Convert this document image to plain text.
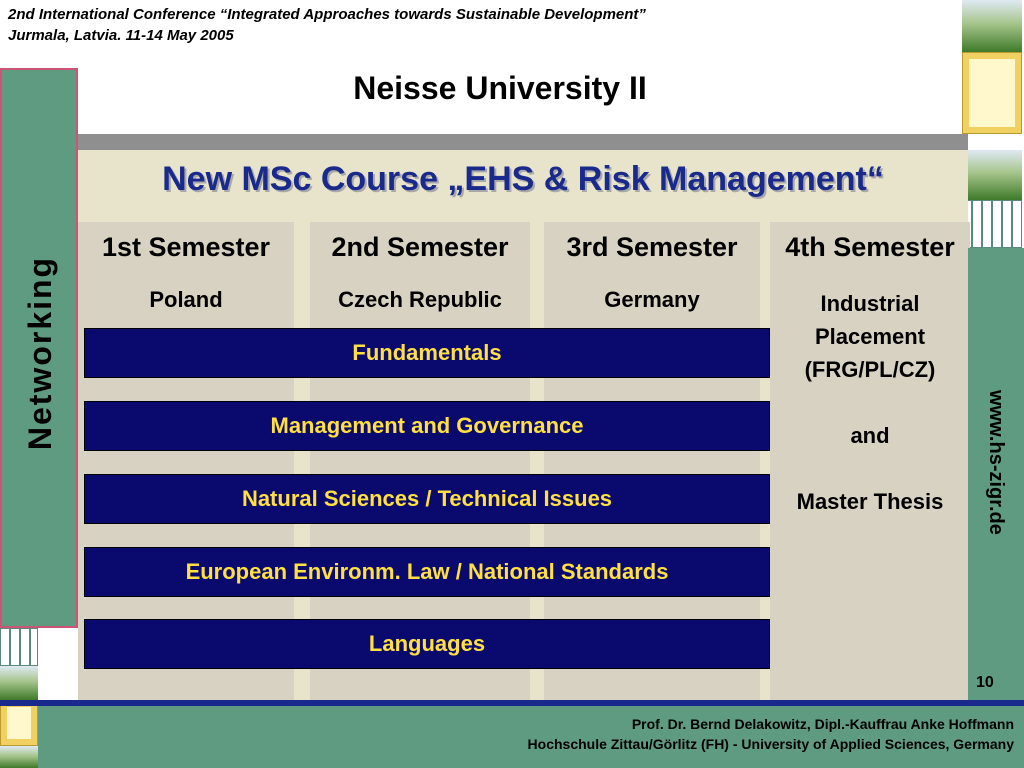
2nd International Conference “Integrated Approaches towards Sustainable Development”
Jurmala, Latvia. 11-14 May 2005
Neisse University II
Networking
New MSc Course „EHS & Risk Management“
1st Semester	2nd Semester	3rd Semester	4th Semester
Poland	Czech Republic	Germany	Industrial
Placement
(FRG/PL/CZ)
and
Master Thesis
Fundamentals
Management and Governance
Natural Sciences / Technical Issues
European Environm. Law / National Standards
Languages
www.hs-zigr.de
10
Prof. Dr. Bernd Delakowitz, Dipl.-Kauffrau Anke Hoffmann
Hochschule Zittau/Görlitz (FH) - University of Applied Sciences, Germany
